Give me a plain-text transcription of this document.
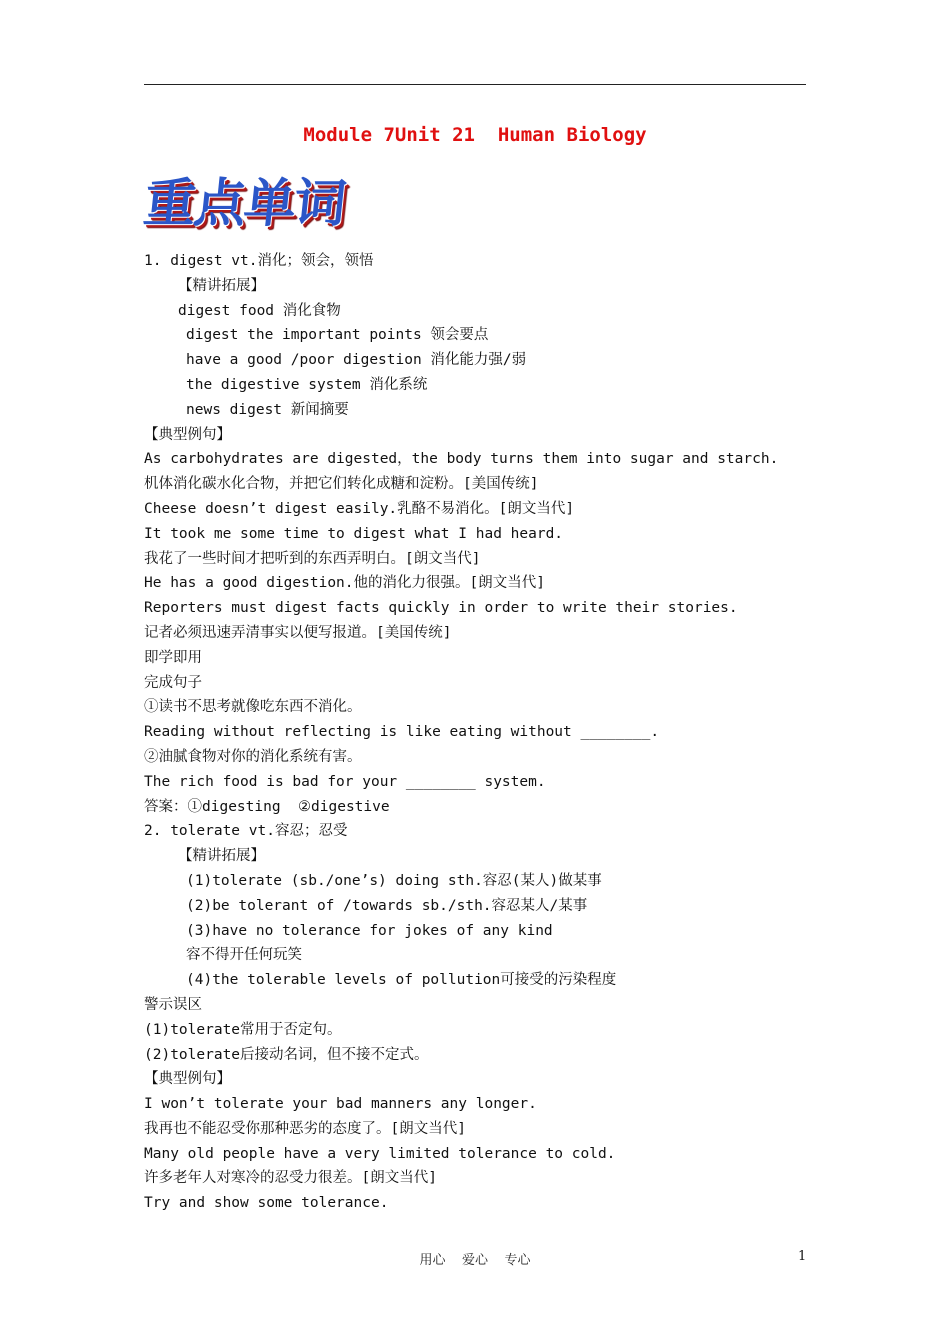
Module 7Unit 21  Human Biology
重点单词
1. digest vt.消化；领会，领悟
【精讲拓展】
digest food 消化食物
digest the important points 领会要点
have a good /poor digestion 消化能力强/弱
the digestive system 消化系统
news digest 新闻摘要
【典型例句】
As carbohydrates are digested，the body turns them into sugar and starch.
机体消化碳水化合物，并把它们转化成糖和淀粉。[美国传统]
Cheese doesn’t digest easily.乳酪不易消化。[朗文当代]
It took me some time to digest what I had heard.
我花了一些时间才把听到的东西弄明白。[朗文当代]
He has a good digestion.他的消化力很强。[朗文当代]
Reporters must digest facts quickly in order to write their stories.
记者必须迅速弄清事实以便写报道。[美国传统]
即学即用
完成句子
①读书不思考就像吃东西不消化。
Reading without reflecting is like eating without ________.
②油腻食物对你的消化系统有害。
The rich food is bad for your ________ system.
答案：①digesting  ②digestive
2. tolerate vt.容忍；忍受
【精讲拓展】
(1)tolerate (sb./one’s) doing sth.容忍(某人)做某事
(2)be tolerant of /towards sb./sth.容忍某人/某事
(3)have no tolerance for jokes of any kind
容不得开任何玩笑
(4)the tolerable levels of pollution可接受的污染程度
警示误区
(1)tolerate常用于否定句。
(2)tolerate后接动名词，但不接不定式。
【典型例句】
I won’t tolerate your bad manners any longer.
我再也不能忍受你那种恶劣的态度了。[朗文当代]
Many old people have a very limited tolerance to cold.
许多老年人对寒冷的忍受力很差。[朗文当代]
Try and show some tolerance.
用心    爱心    专心	1
